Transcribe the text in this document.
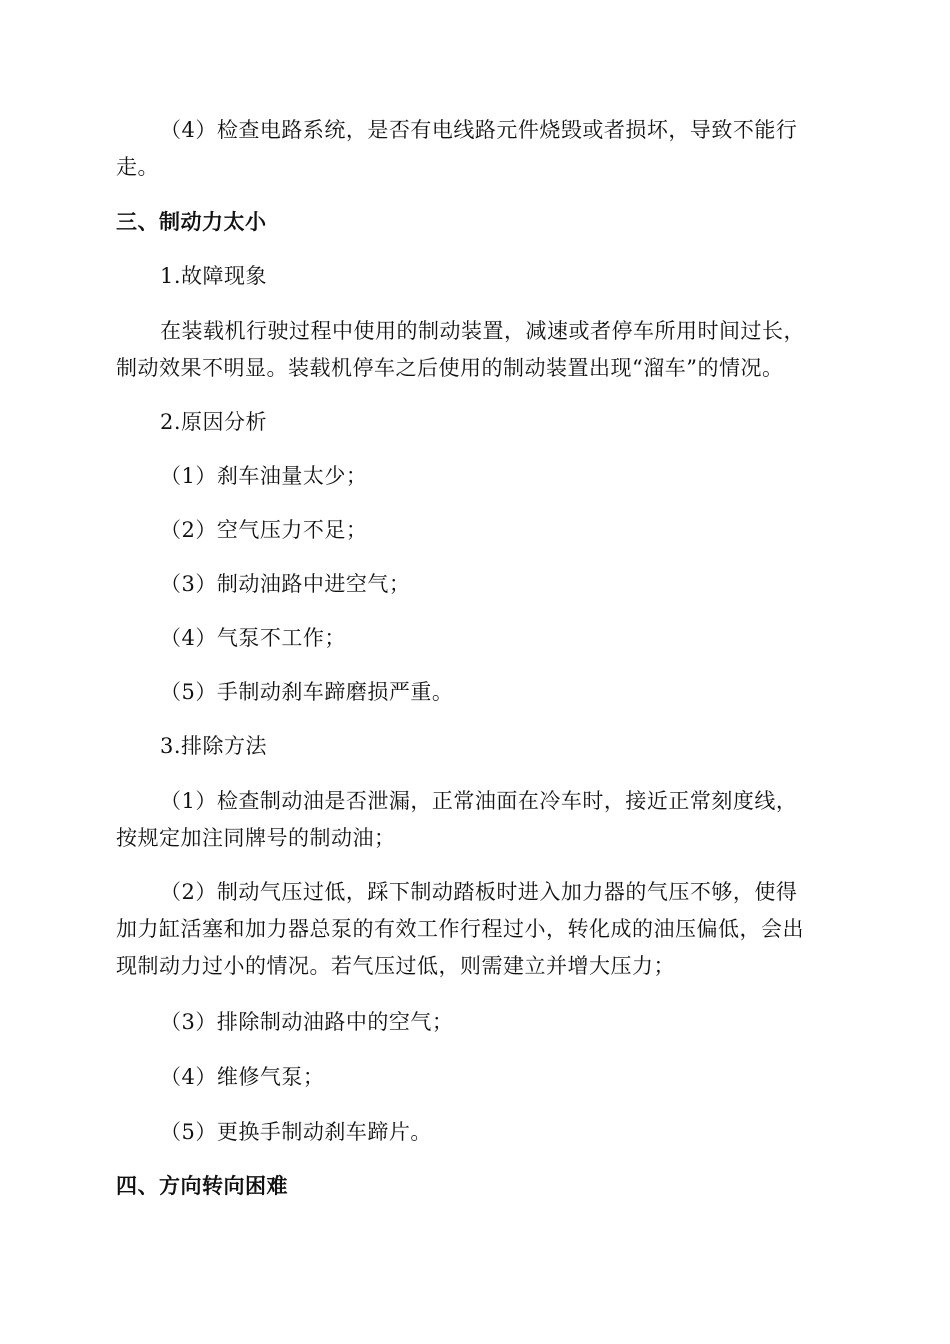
（4）检查电路系统，是否有电线路元件烧毁或者损坏，导致不能行
走。
三、制动力太小
1.故障现象
在装载机行驶过程中使用的制动装置，减速或者停车所用时间过长，
制动效果不明显。装载机停车之后使用的制动装置出现“溜车”的情况。
2.原因分析
（1）刹车油量太少；
（2）空气压力不足；
（3）制动油路中进空气；
（4）气泵不工作；
（5）手制动刹车蹄磨损严重。
3.排除方法
（1）检查制动油是否泄漏，正常油面在冷车时，接近正常刻度线，
按规定加注同牌号的制动油；
（2）制动气压过低，踩下制动踏板时进入加力器的气压不够，使得
加力缸活塞和加力器总泵的有效工作行程过小，转化成的油压偏低，会出
现制动力过小的情况。若气压过低，则需建立并增大压力；
（3）排除制动油路中的空气；
（4）维修气泵；
（5）更换手制动刹车蹄片。
四、方向转向困难
